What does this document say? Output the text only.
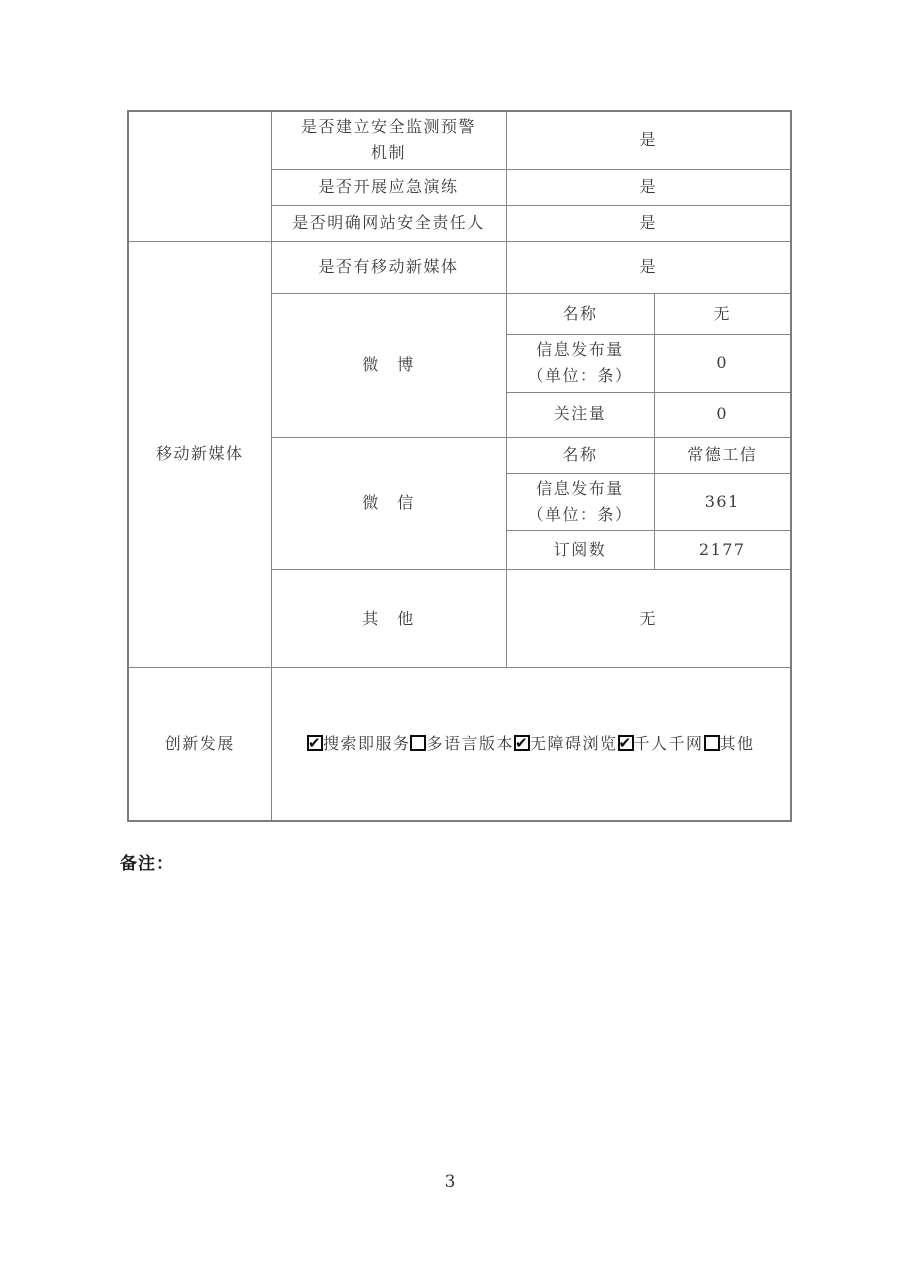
	是否建立安全监测预警
机制	是	
	是否开展应急演练	是	
	是否明确网站安全责任人	是	
移动新媒体	是否有移动新媒体	是	
	微　博	名称	无

		信息发布量
（单位：条）	0
		关注量	0
	微　信	名称	常德工信

		信息发布量
（单位：条）	361
		订阅数	2177
	其　他	无	
创新发展	✔搜索即服务 多语言版本 ✔ 无障碍浏览 ✔ 千人千网 其他
备注：
3
